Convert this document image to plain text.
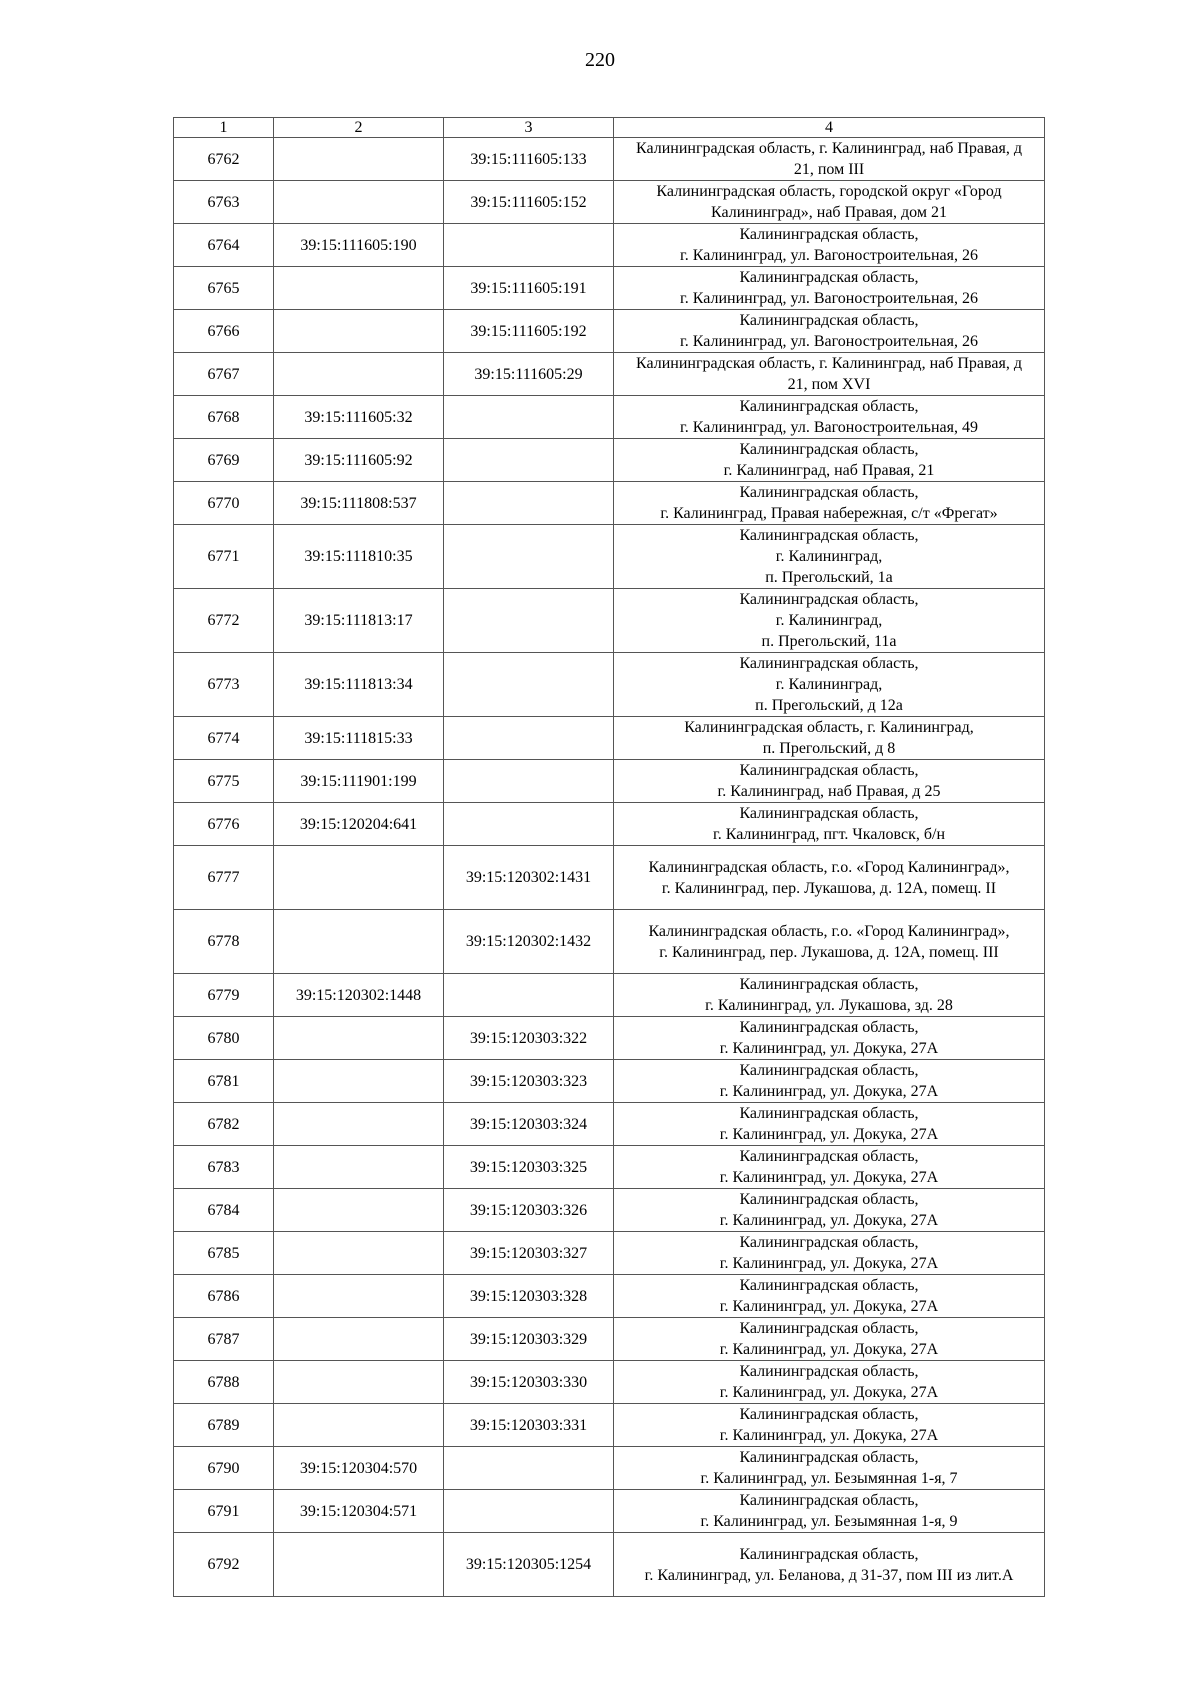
220
1	2	3	4
6762		39:15:111605:133	Калининградская область, г. Калининград, наб Правая, д
21, пом III
6763		39:15:111605:152	Калининградская область, городской округ «Город
Калининград», наб Правая, дом 21
6764	39:15:111605:190		Калининградская область,
г. Калининград, ул. Вагоностроительная, 26
6765		39:15:111605:191	Калининградская область,
г. Калининград, ул. Вагоностроительная, 26
6766		39:15:111605:192	Калининградская область,
г. Калининград, ул. Вагоностроительная, 26
6767		39:15:111605:29	Калининградская область, г. Калининград, наб Правая, д
21, пом XVI
6768	39:15:111605:32		Калининградская область,
г. Калининград, ул. Вагоностроительная, 49
6769	39:15:111605:92		Калининградская область,
г. Калининград, наб Правая, 21
6770	39:15:111808:537		Калининградская область,
г. Калининград, Правая набережная, с/т «Фрегат»
6771	39:15:111810:35		Калининградская область,
г. Калининград,
п. Прегольский, 1а
6772	39:15:111813:17		Калининградская область,
г. Калининград,
п. Прегольский, 11а
6773	39:15:111813:34		Калининградская область,
г. Калининград,
п. Прегольский, д 12а
6774	39:15:111815:33		Калининградская область, г. Калининград,
п. Прегольский, д 8
6775	39:15:111901:199		Калининградская область,
г. Калининград, наб Правая, д 25
6776	39:15:120204:641		Калининградская область,
г. Калининград, пгт. Чкаловск, б/н
6777		39:15:120302:1431	Калининградская область, г.о. «Город Калининград»,
г. Калининград, пер. Лукашова, д. 12А, помещ. II
6778		39:15:120302:1432	Калининградская область, г.о. «Город Калининград»,
г. Калининград, пер. Лукашова, д. 12А, помещ. III
6779	39:15:120302:1448		Калининградская область,
г. Калининград, ул. Лукашова, зд. 28
6780		39:15:120303:322	Калининградская область,
г. Калининград, ул. Докука, 27А
6781		39:15:120303:323	Калининградская область,
г. Калининград, ул. Докука, 27А
6782		39:15:120303:324	Калининградская область,
г. Калининград, ул. Докука, 27А
6783		39:15:120303:325	Калининградская область,
г. Калининград, ул. Докука, 27А
6784		39:15:120303:326	Калининградская область,
г. Калининград, ул. Докука, 27А
6785		39:15:120303:327	Калининградская область,
г. Калининград, ул. Докука, 27А
6786		39:15:120303:328	Калининградская область,
г. Калининград, ул. Докука, 27А
6787		39:15:120303:329	Калининградская область,
г. Калининград, ул. Докука, 27А
6788		39:15:120303:330	Калининградская область,
г. Калининград, ул. Докука, 27А
6789		39:15:120303:331	Калининградская область,
г. Калининград, ул. Докука, 27А
6790	39:15:120304:570		Калининградская область,
г. Калининград, ул. Безымянная 1-я, 7
6791	39:15:120304:571		Калининградская область,
г. Калининград, ул. Безымянная 1-я, 9
6792		39:15:120305:1254	Калининградская область,
г. Калининград, ул. Беланова, д 31-37, пом III из лит.А
